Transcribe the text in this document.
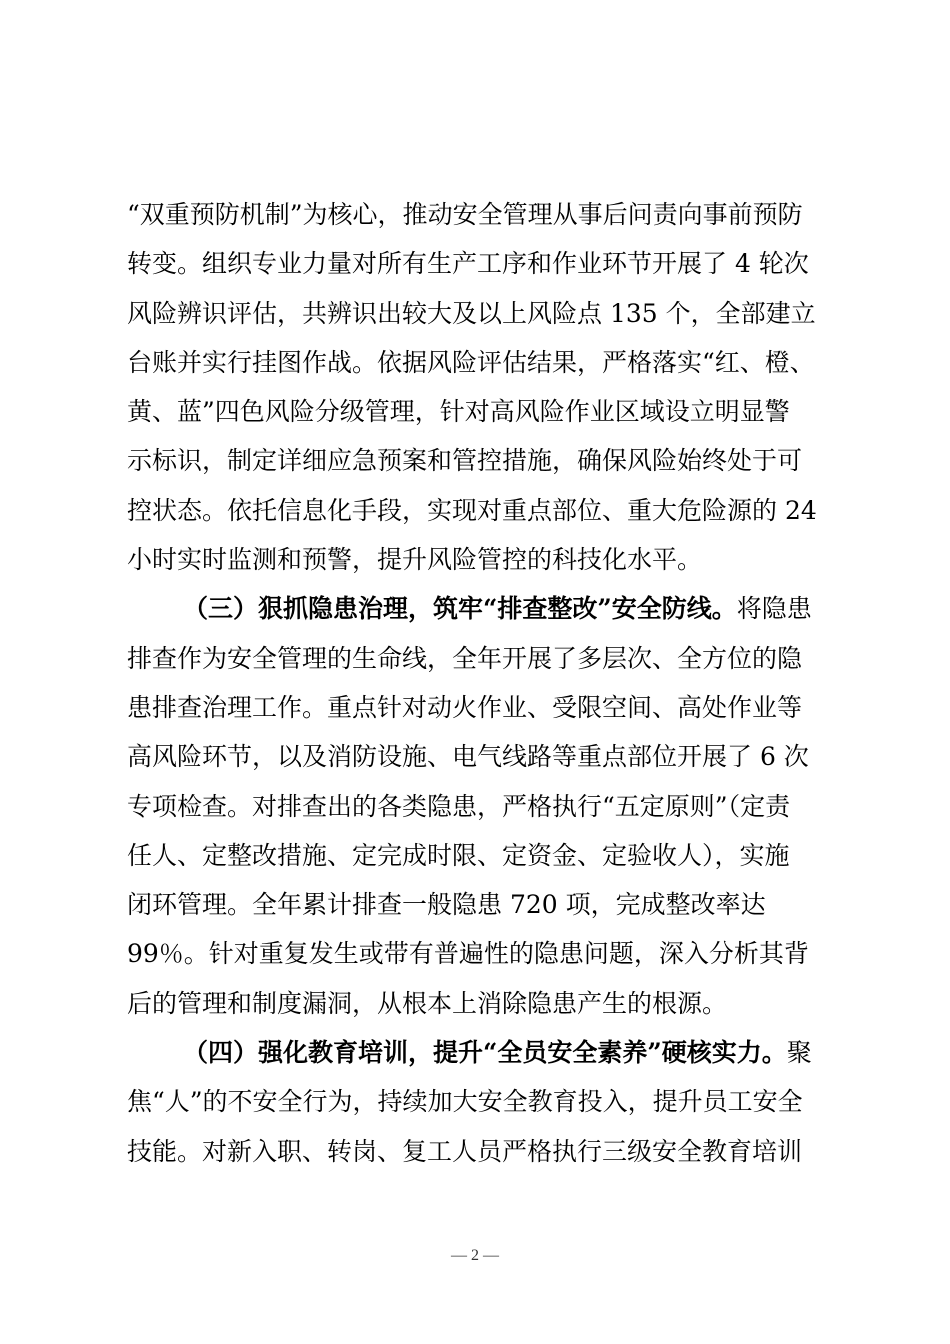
“双重预防机制”为核心，推动安全管理从事后问责向事前预防
转变。组织专业力量对所有生产工序和作业环节开展了 4 轮次
风险辨识评估，共辨识出较大及以上风险点 135 个，全部建立
台账并实行挂图作战。依据风险评估结果，严格落实“红、橙、
黄、蓝”四色风险分级管理，针对高风险作业区域设立明显警
示标识，制定详细应急预案和管控措施，确保风险始终处于可
控状态。依托信息化手段，实现对重点部位、重大危险源的 24
小时实时监测和预警，提升风险管控的科技化水平。
（三）狠抓隐患治理，筑牢“排查整改”安全防线。将隐患
排查作为安全管理的生命线，全年开展了多层次、全方位的隐
患排查治理工作。重点针对动火作业、受限空间、高处作业等
高风险环节，以及消防设施、电气线路等重点部位开展了 6 次
专项检查。对排查出的各类隐患，严格执行“五定原则”（定责
任人、定整改措施、定完成时限、定资金、定验收人），实施
闭环管理。全年累计排查一般隐患 720 项，完成整改率达
99％。针对重复发生或带有普遍性的隐患问题，深入分析其背
后的管理和制度漏洞，从根本上消除隐患产生的根源。
（四）强化教育培训，提升“全员安全素养”硬核实力。聚
焦“人”的不安全行为，持续加大安全教育投入，提升员工安全
技能。对新入职、转岗、复工人员严格执行三级安全教育培训
— 2 —
